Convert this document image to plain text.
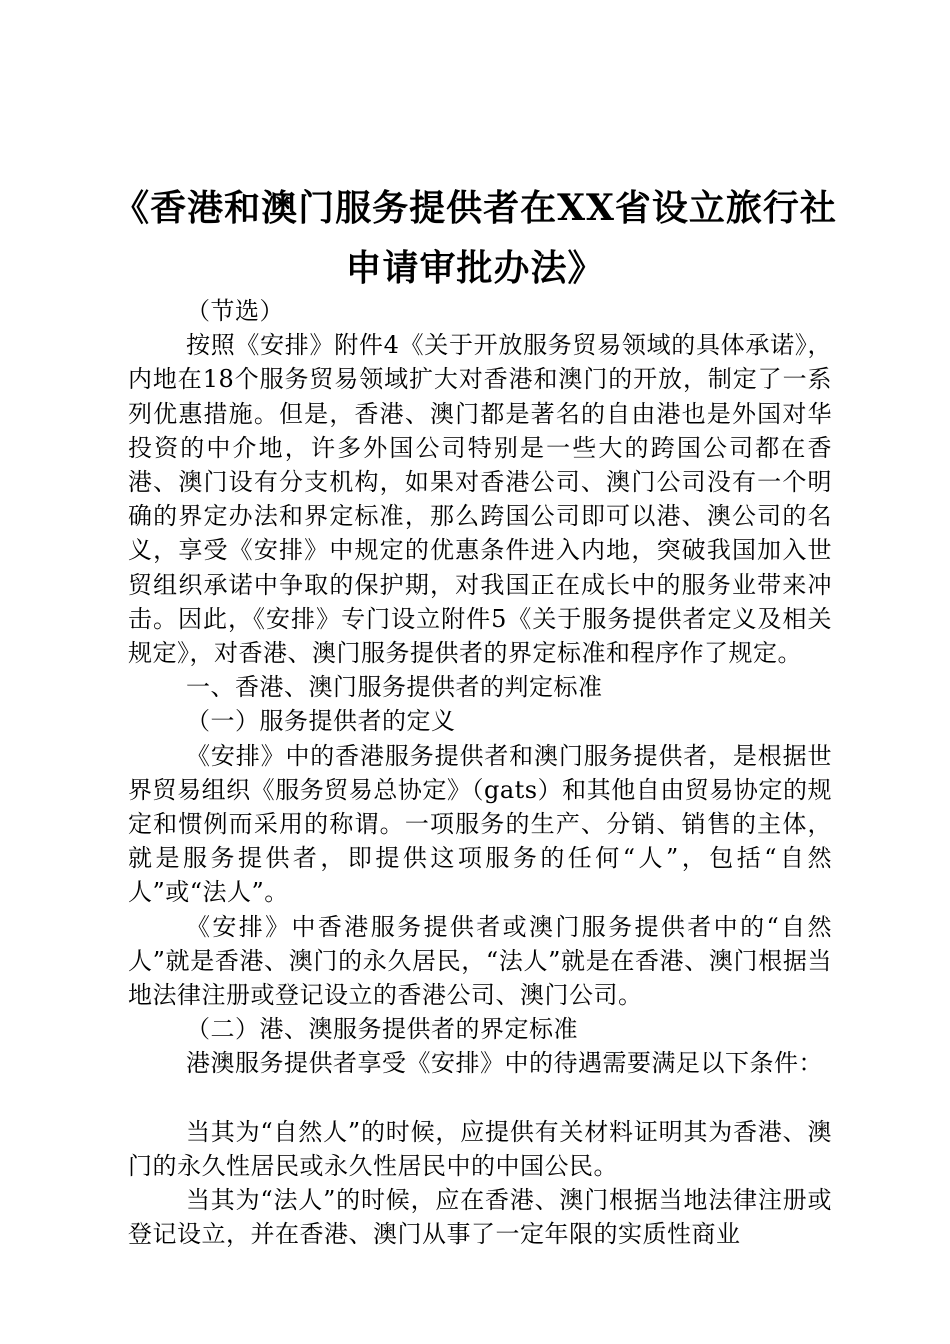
《香港和澳门服务提供者在XX省设立旅行社
申请审批办法》

（节选）

按照《安排》附件4《关于开放服务贸易领域的具体承诺》，内地在18个服务贸易领域扩大对香港和澳门的开放，制定了一系列优惠措施。但是，香港、澳门都是著名的自由港也是外国对华投资的中介地，许多外国公司特别是一些大的跨国公司都在香港、澳门设有分支机构，如果对香港公司、澳门公司没有一个明确的界定办法和界定标准，那么跨国公司即可以港、澳公司的名义，享受《安排》中规定的优惠条件进入内地，突破我国加入世贸组织承诺中争取的保护期，对我国正在成长中的服务业带来冲击。因此，《安排》专门设立附件5《关于服务提供者定义及相关规定》，对香港、澳门服务提供者的界定标准和程序作了规定。

一、香港、澳门服务提供者的判定标准

（一）服务提供者的定义

《安排》中的香港服务提供者和澳门服务提供者，是根据世界贸易组织《服务贸易总协定》（gats）和其他自由贸易协定的规定和惯例而采用的称谓。一项服务的生产、分销、销售的主体，就是服务提供者，即提供这项服务的任何“人”，包括“自然人”或“法人”。

《安排》中香港服务提供者或澳门服务提供者中的“自然人”就是香港、澳门的永久居民，“法人”就是在香港、澳门根据当地法律注册或登记设立的香港公司、澳门公司。

（二）港、澳服务提供者的界定标准

港澳服务提供者享受《安排》中的待遇需要满足以下条件：

当其为“自然人”的时候，应提供有关材料证明其为香港、澳门的永久性居民或永久性居民中的中国公民。

当其为“法人”的时候，应在香港、澳门根据当地法律注册或登记设立，并在香港、澳门从事了一定年限的实质性商业
